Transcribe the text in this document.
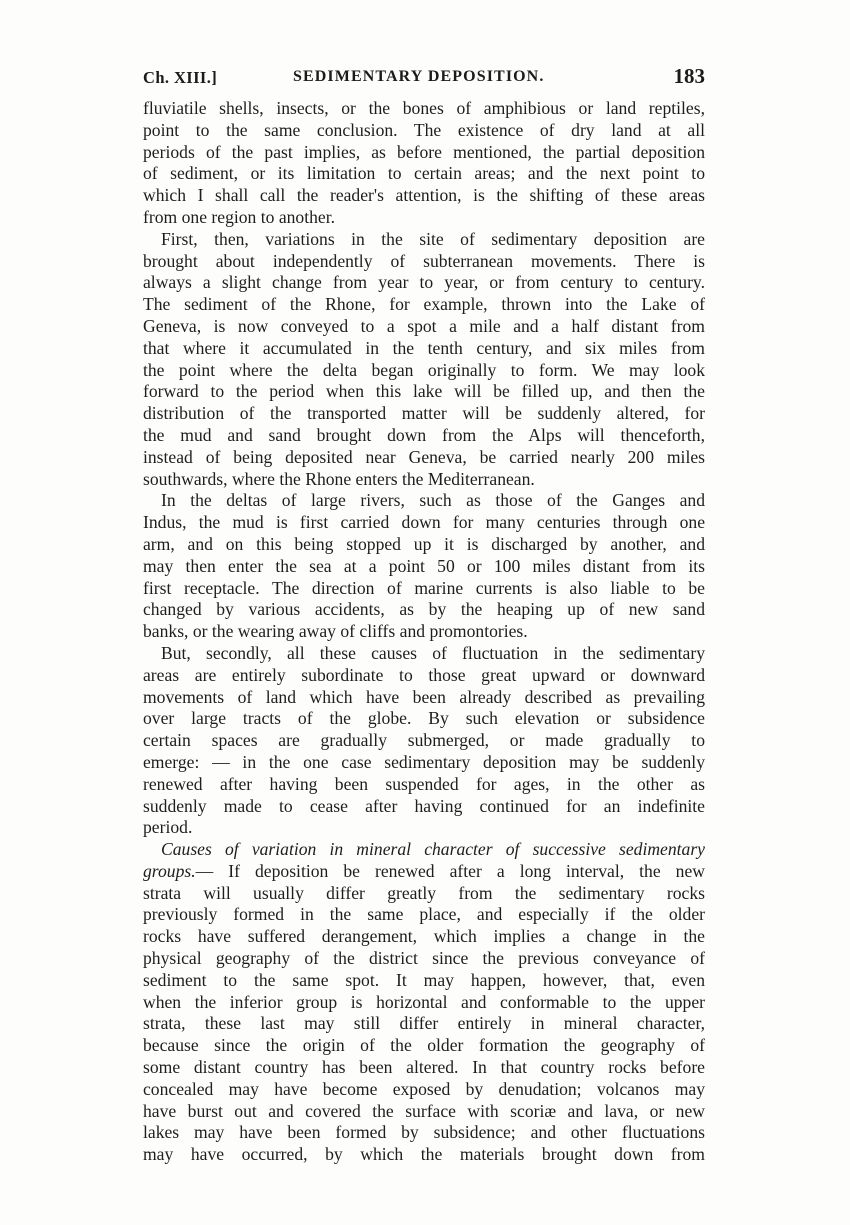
Ch. XIII.]	SEDIMENTARY DEPOSITION.	183
fluviatile shells, insects, or the bones of amphibious or land reptiles,
point to the same conclusion. The existence of dry land at all
periods of the past implies, as before mentioned, the partial deposition
of sediment, or its limitation to certain areas; and the next point to
which I shall call the reader's attention, is the shifting of these areas
from one region to another.
First, then, variations in the site of sedimentary deposition are
brought about independently of subterranean movements. There is
always a slight change from year to year, or from century to century.
The sediment of the Rhone, for example, thrown into the Lake of
Geneva, is now conveyed to a spot a mile and a half distant from
that where it accumulated in the tenth century, and six miles from
the point where the delta began originally to form. We may look
forward to the period when this lake will be filled up, and then the
distribution of the transported matter will be suddenly altered, for
the mud and sand brought down from the Alps will thenceforth,
instead of being deposited near Geneva, be carried nearly 200 miles
southwards, where the Rhone enters the Mediterranean.
In the deltas of large rivers, such as those of the Ganges and
Indus, the mud is first carried down for many centuries through one
arm, and on this being stopped up it is discharged by another, and
may then enter the sea at a point 50 or 100 miles distant from its
first receptacle. The direction of marine currents is also liable to be
changed by various accidents, as by the heaping up of new sand
banks, or the wearing away of cliffs and promontories.
But, secondly, all these causes of fluctuation in the sedimentary
areas are entirely subordinate to those great upward or downward
movements of land which have been already described as prevailing
over large tracts of the globe. By such elevation or subsidence
certain spaces are gradually submerged, or made gradually to
emerge: — in the one case sedimentary deposition may be suddenly
renewed after having been suspended for ages, in the other as
suddenly made to cease after having continued for an indefinite
period.
Causes of variation in mineral character of successive sedimentary
groups.— If deposition be renewed after a long interval, the new
strata will usually differ greatly from the sedimentary rocks
previously formed in the same place, and especially if the older
rocks have suffered derangement, which implies a change in the
physical geography of the district since the previous conveyance of
sediment to the same spot. It may happen, however, that, even
when the inferior group is horizontal and conformable to the upper
strata, these last may still differ entirely in mineral character,
because since the origin of the older formation the geography of
some distant country has been altered. In that country rocks before
concealed may have become exposed by denudation; volcanos may
have burst out and covered the surface with scoriæ and lava, or new
lakes may have been formed by subsidence; and other fluctuations
may have occurred, by which the materials brought down from
